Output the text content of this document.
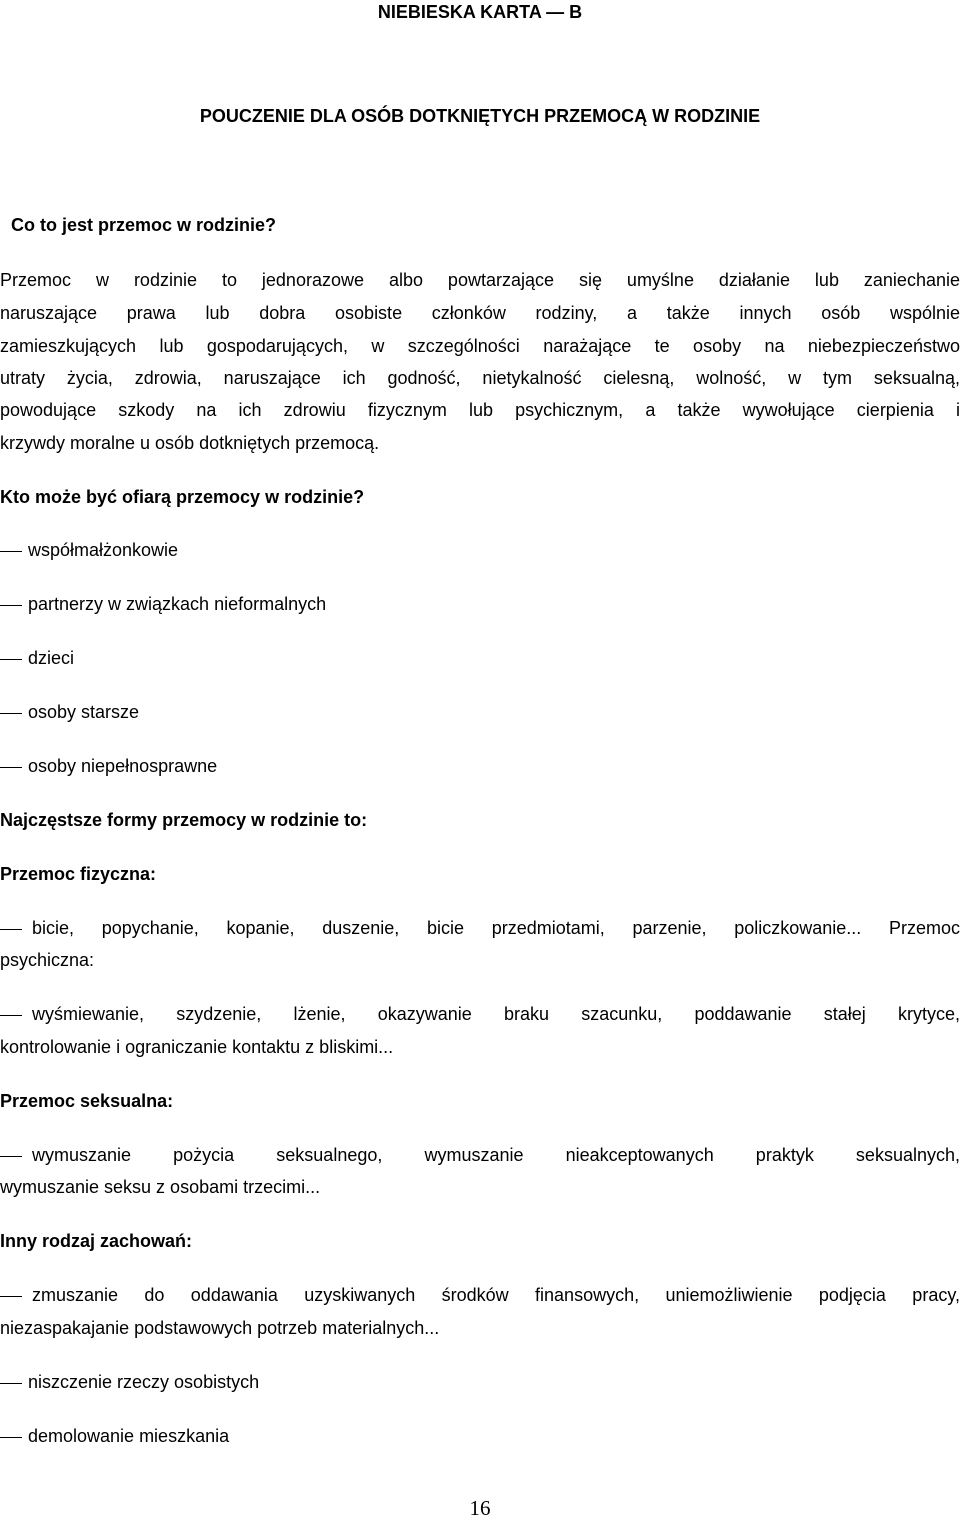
NIEBIESKA KARTA — B
POUCZENIE DLA OSÓB DOTKNIĘTYCH PRZEMOCĄ W RODZINIE
Co to jest przemoc w rodzinie?
Przemoc w rodzinie to jednorazowe albo powtarzające się umyślne działanie lub zaniechanie
naruszające prawa lub dobra osobiste członków rodziny, a także innych osób wspólnie
zamieszkujących lub gospodarujących, w szczególności narażające te osoby na niebezpieczeństwo
utraty życia, zdrowia, naruszające ich godność, nietykalność cielesną, wolność, w tym seksualną,
powodujące szkody na ich zdrowiu fizycznym lub psychicznym, a także wywołujące cierpienia i
krzywdy moralne u osób dotkniętych przemocą.
Kto może być ofiarą przemocy w rodzinie?
współmałżonkowie
partnerzy w związkach nieformalnych
dzieci
osoby starsze
osoby niepełnosprawne
Najczęstsze formy przemocy w rodzinie to:
Przemoc fizyczna:
bicie, popychanie, kopanie, duszenie, bicie przedmiotami, parzenie, policzkowanie... Przemoc
psychiczna:
wyśmiewanie, szydzenie, lżenie, okazywanie braku szacunku, poddawanie stałej krytyce,
kontrolowanie i ograniczanie kontaktu z bliskimi...
Przemoc seksualna:
wymuszanie pożycia seksualnego, wymuszanie nieakceptowanych praktyk seksualnych,
wymuszanie seksu z osobami trzecimi...
Inny rodzaj zachowań:
zmuszanie do oddawania uzyskiwanych środków finansowych, uniemożliwienie podjęcia pracy,
niezaspakajanie podstawowych potrzeb materialnych...
niszczenie rzeczy osobistych
demolowanie mieszkania
16
